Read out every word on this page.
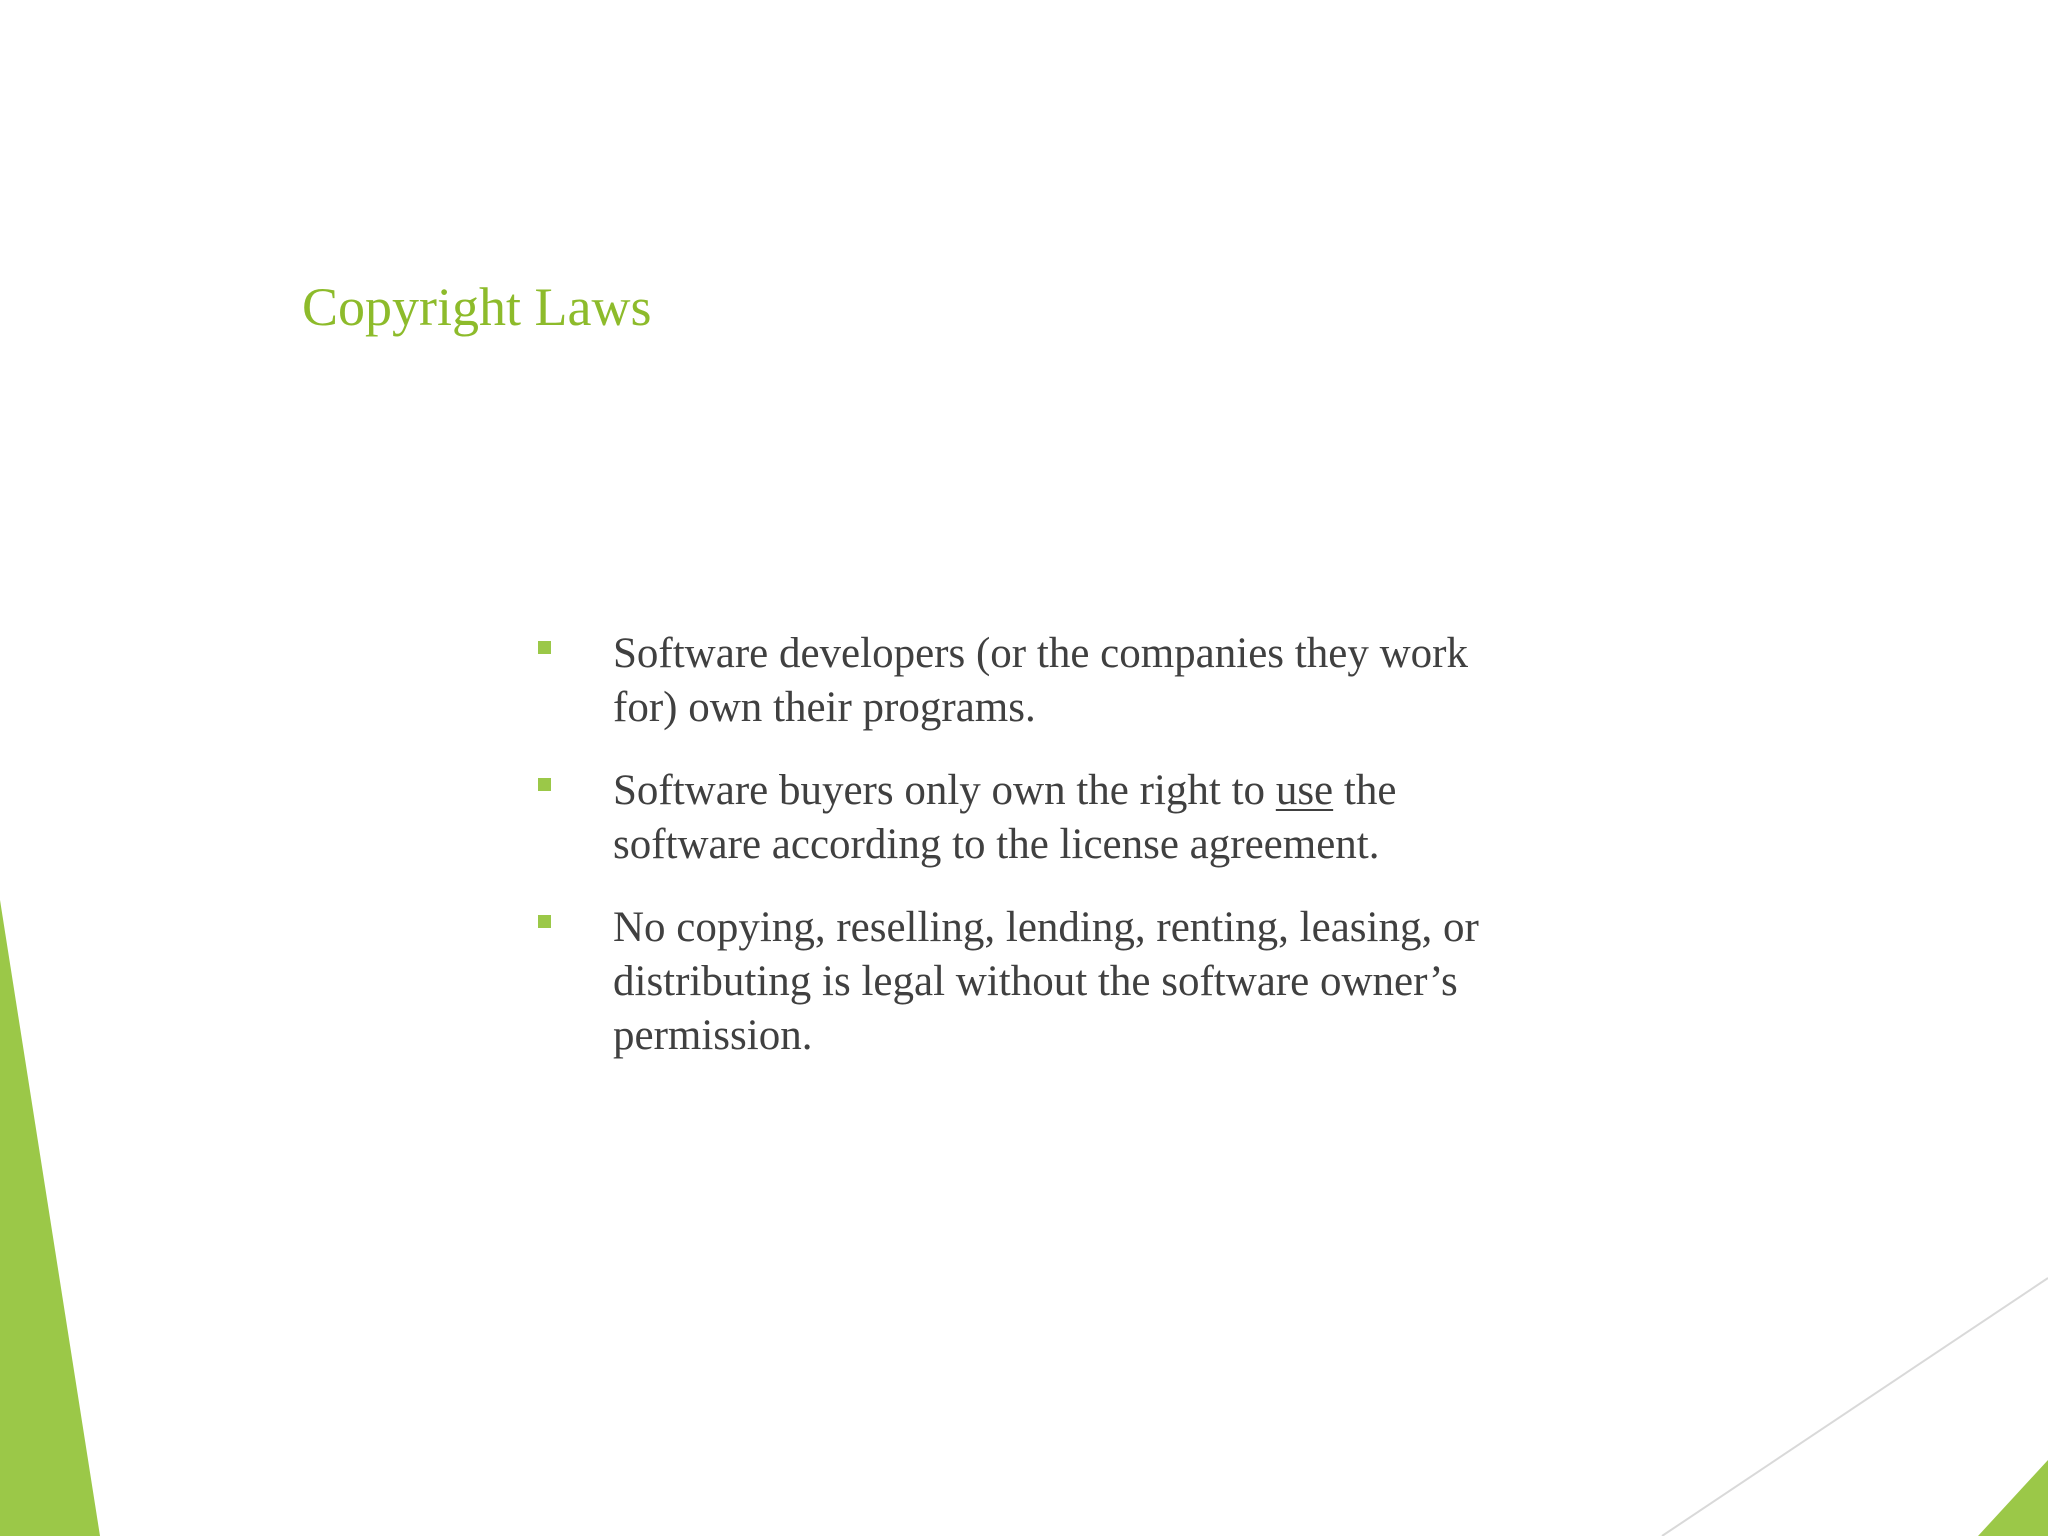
Copyright Laws
Software developers (or the companies they work for) own their programs.
Software buyers only own the right to use the software according to the license agreement.
No copying, reselling, lending, renting, leasing, or distributing is legal without the software owner’s permission.
